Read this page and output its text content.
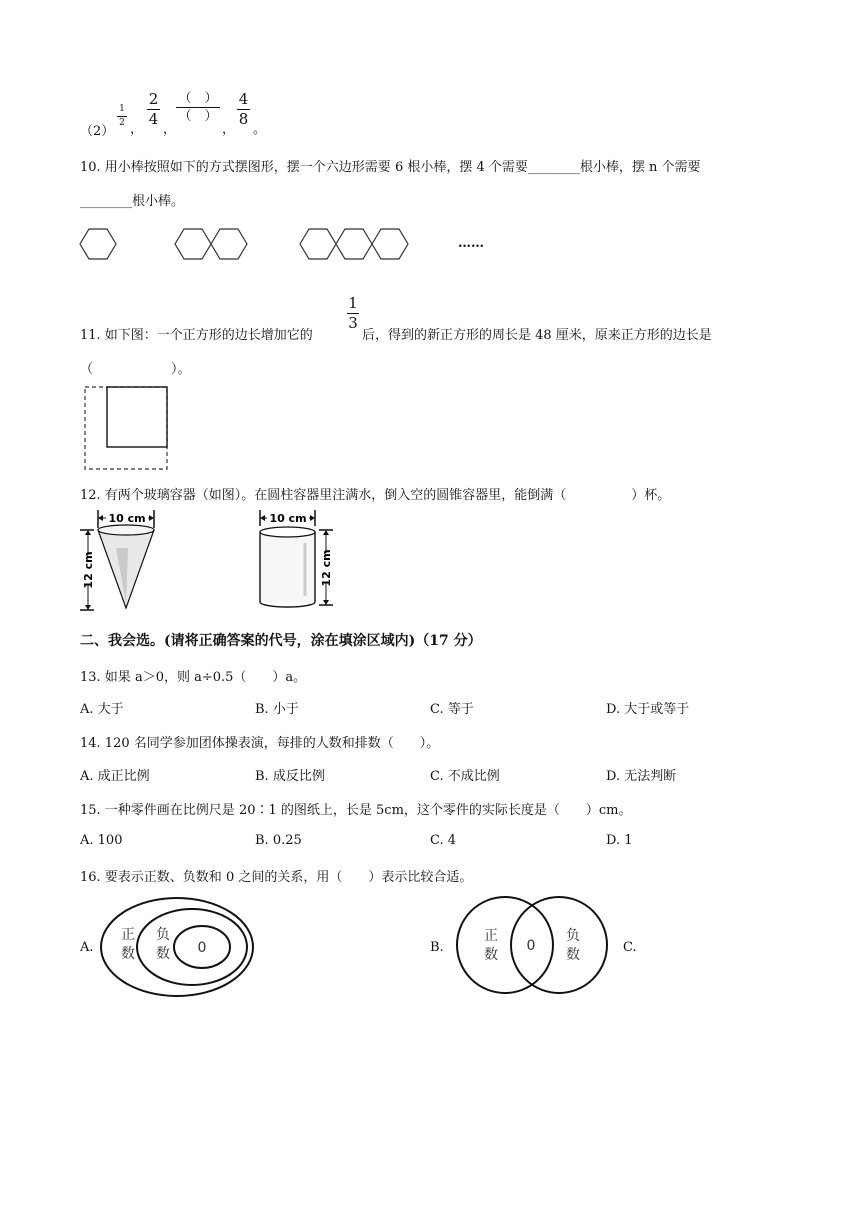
（2）
1
2 ，
2
4
，
（　）
（　）
，
4
8
。
10. 用小棒按照如下的方式摆图形，摆一个六边形需要 6 根小棒，摆 4 个需要________根小棒，摆 n 个需要
________根小棒。
……
11. 如下图：一个正方形的边长增加它的
1
3
后，得到的新正方形的周长是 48 厘米，原来正方形的边长是
（　　　　　　）。
12. 有两个玻璃容器（如图）。在圆柱容器里注满水，倒入空的圆锥容器里，能倒满（　　　　　）杯。
10 cm
12 cm
10 cm
12 cm
二、我会选。(请将正确答案的代号，涂在填涂区域内)（17 分）
13. 如果 a＞0，则 a÷0.5（　　）a。
A. 大于	B. 小于	C. 等于	D. 大于或等于
14. 120 名同学参加团体操表演，每排的人数和排数（　　）。
A. 成正比例	B. 成反比例	C. 不成比例	D. 无法判断
15. 一种零件画在比例尺是 20∶1 的图纸上，长是 5cm，这个零件的实际长度是（　　）cm。
A. 100	B. 0.25	C. 4	D. 1
16. 要表示正数、负数和 0 之间的关系，用（　　）表示比较合适。
A.
正
数
负
数 0	B.
正
数
0
负
数	C.
